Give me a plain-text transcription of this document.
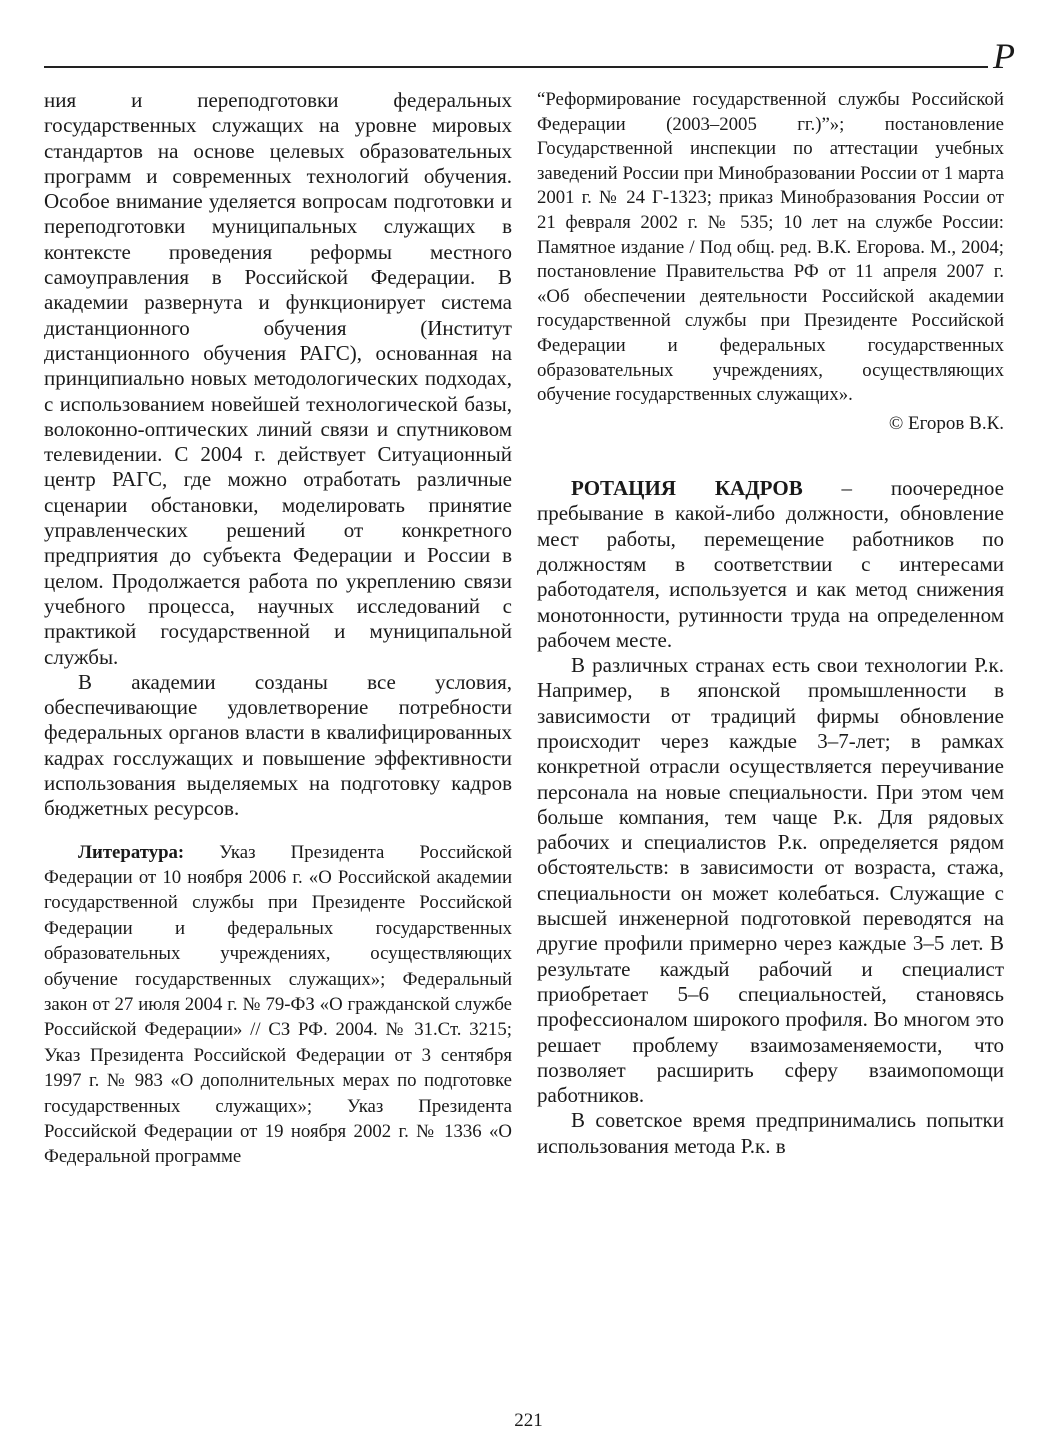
Р

ния и переподготовки федеральных государственных служащих на уровне мировых стандартов на основе целевых образовательных программ и современных технологий обучения. Особое внимание уделяется вопросам подготовки и переподготовки муниципальных служащих в контексте проведения реформы местного самоуправления в Российской Федерации. В академии развернута и функционирует система дистанционного обучения (Институт дистанционного обучения РАГС), основанная на принципиально новых методологических подходах, с использованием новейшей технологической базы, волоконно-оптических линий связи и спутниковом телевидении. С 2004 г. действует Ситуационный центр РАГС, где можно отработать различные сценарии обстановки, моделировать принятие управленческих решений от конкретного предприятия до субъекта Федерации и России в целом. Продолжается работа по укреплению связи учебного процесса, научных исследований с практикой государственной и муниципальной службы.

В академии созданы все условия, обеспечивающие удовлетворение потребности федеральных органов власти в квалифицированных кадрах госслужащих и повышение эффективности использования выделяемых на подготовку кадров бюджетных ресурсов.

Литература: Указ Президента Российской Федерации от 10 ноября 2006 г. «О Российской академии государственной службы при Президенте Российской Федерации и федеральных государственных образовательных учреждениях, осуществляющих обучение государственных служащих»; Федеральный закон от 27 июля 2004 г. № 79-ФЗ «О гражданской службе Российской Федерации» // СЗ РФ. 2004. № 31.Ст. 3215; Указ Президента Российской Федерации от 3 сентября 1997 г. № 983 «О дополнительных мерах по подготовке государственных служащих»; Указ Президента Российской Федерации от 19 ноября 2002 г. № 1336 «О Федеральной программе

“Реформирование государственной службы Российской Федерации (2003–2005 гг.)”»; постановление Государственной инспекции по аттестации учебных заведений России при Минобразовании России от 1 марта 2001 г. № 24 Г-1323; приказ Минобразования России от 21 февраля 2002 г. № 535; 10 лет на службе России: Памятное издание / Под общ. ред. В.К. Егорова. М., 2004; постановление Правительства РФ от 11 апреля 2007 г. «Об обеспечении деятельности Российской академии государственной службы при Президенте Российской Федерации и федеральных государственных образовательных учреждениях, осуществляющих обучение государственных служащих».

© Егоров В.К.

РОТАЦИЯ КАДРОВ – поочередное пребывание в какой-либо должности, обновление мест работы, перемещение работников по должностям в соответствии с интересами работодателя, используется и как метод снижения монотонности, рутинности труда на определенном рабочем месте.

В различных странах есть свои технологии Р.к. Например, в японской промышленности в зависимости от традиций фирмы обновление происходит через каждые 3–7-лет; в рамках конкретной отрасли осуществляется переучивание персонала на новые специальности. При этом чем больше компания, тем чаще Р.к. Для рядовых рабочих и специалистов Р.к. определяется рядом обстоятельств: в зависимости от возраста, стажа, специальности он может колебаться. Служащие с высшей инженерной подготовкой переводятся на другие профили примерно через каждые 3–5 лет. В результате каждый рабочий и специалист приобретает 5–6 специальностей, становясь профессионалом широкого профиля. Во многом это решает проблему взаимозаменяемости, что позволяет расширить сферу взаимопомощи работников.

В советское время предпринимались попытки использования метода Р.к. в

221
